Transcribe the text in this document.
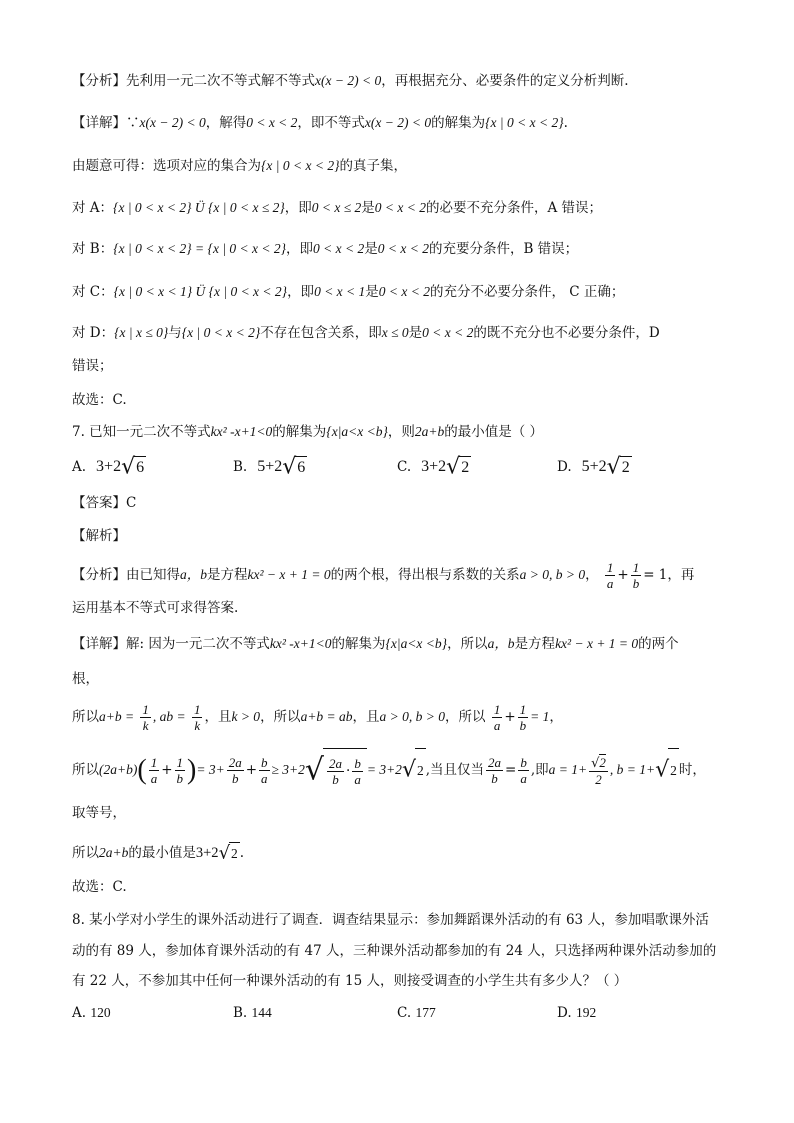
【分析】先利用一元二次不等式解不等式x(x − 2) < 0，再根据充分、必要条件的定义分析判断.
【详解】∵x(x − 2) < 0，解得0 < x < 2，即不等式x(x − 2) < 0的解集为{x | 0 < x < 2}.
由题意可得：选项对应的集合为{x | 0 < x < 2}的真子集，
对 A：{x | 0 < x < 2} Ü {x | 0 < x ≤ 2}，即0 < x ≤ 2是0 < x < 2的必要不充分条件，A 错误；
对 B：{x | 0 < x < 2} = {x | 0 < x < 2}，即0 < x < 2是0 < x < 2的充要分条件，B 错误；
对 C：{x | 0 < x < 1} Ü {x | 0 < x < 2}，即0 < x < 1是0 < x < 2的充分不必要分条件， C 正确；
对 D：{x | x ≤ 0}与{x | 0 < x < 2}不存在包含关系，即x ≤ 0是0 < x < 2的既不充分也不必要分条件，D
错误；
故选：C.
7. 已知一元二次不等式kx² -x+1<0的解集为{x|a<x <b}，则2a+b的最小值是（ ）
A. 3+2√6	B. 5+2√6	C. 3+2√2	D. 5+2√2
【答案】C
【解析】
【分析】由已知得a，b是方程kx² − x + 1 = 0的两个根，得出根与系数的关系a > 0, b > 0， $\frac{1}{a} + \frac{1}{b} = 1$，再
运用基本不等式可求得答案.
【详解】解: 因为一元二次不等式kx² -x+1<0的解集为{x|a<x <b}，所以a，b是方程kx² − x + 1 = 0的两个
根，
所以$a+b = \frac{1}{k}$ , ab = $\frac{1}{k}$ ，且k > 0，所以a+b = ab，且a > 0, b > 0，所以 $\frac{1}{a} + \frac{1}{b} = 1$，
所以$(2a+b)( \frac{1}{a} + \frac{1}{b}$ )= $3+ \frac{2a}{b} + \frac{b}{a} \ge 3+2√ \frac{2a}{b} \cdot \frac{b}{a} = 3+2√2$ ,当且仅当 $\frac{2a}{b} = \frac{b}{a}$ ,即$a = 1+ \frac{√2}{2}$ , b = 1+√2 时，
取等号，
所以2a+b的最小值是3+2√2 .
故选：C.
8. 某小学对小学生的课外活动进行了调查．调查结果显示：参加舞蹈课外活动的有 63 人，参加唱歌课外活
动的有 89 人，参加体育课外活动的有 47 人，三种课外活动都参加的有 24 人，只选择两种课外活动参加的
有 22 人，不参加其中任何一种课外活动的有 15 人，则接受调查的小学生共有多少人？（ ）
A. 120	B. 144	C. 177	D. 192
